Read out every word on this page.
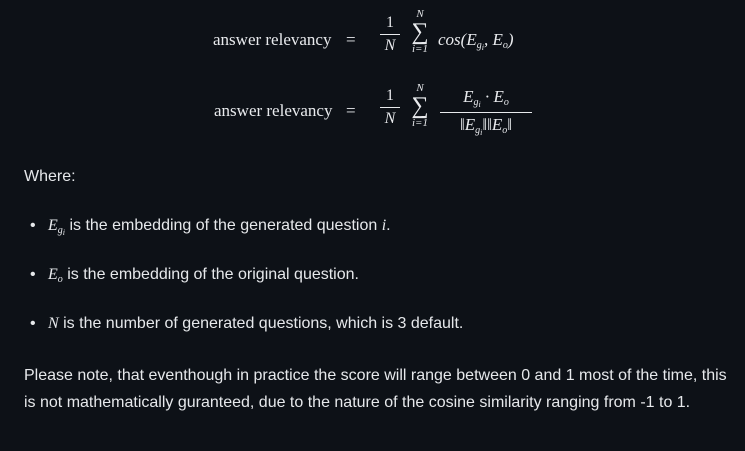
answer relevancy =
1
N
N
∑
i=1 $\cos(E_{g_i}$, $E_o$)
answer relevancy =
1
N
N
∑
i=1
$E_{g_i} \cdot E_o$
$‖E_{g_i}‖‖E_o‖$
Where:
• $E_{g_i}$ is the embedding of the generated question i.
• $E_o$ is the embedding of the original question.
• N is the number of generated questions, which is 3 default.
Please note, that eventhough in practice the score will range between 0 and 1 most of the time, this is not mathematically guranteed, due to the nature of the cosine similarity ranging from -1 to 1.
